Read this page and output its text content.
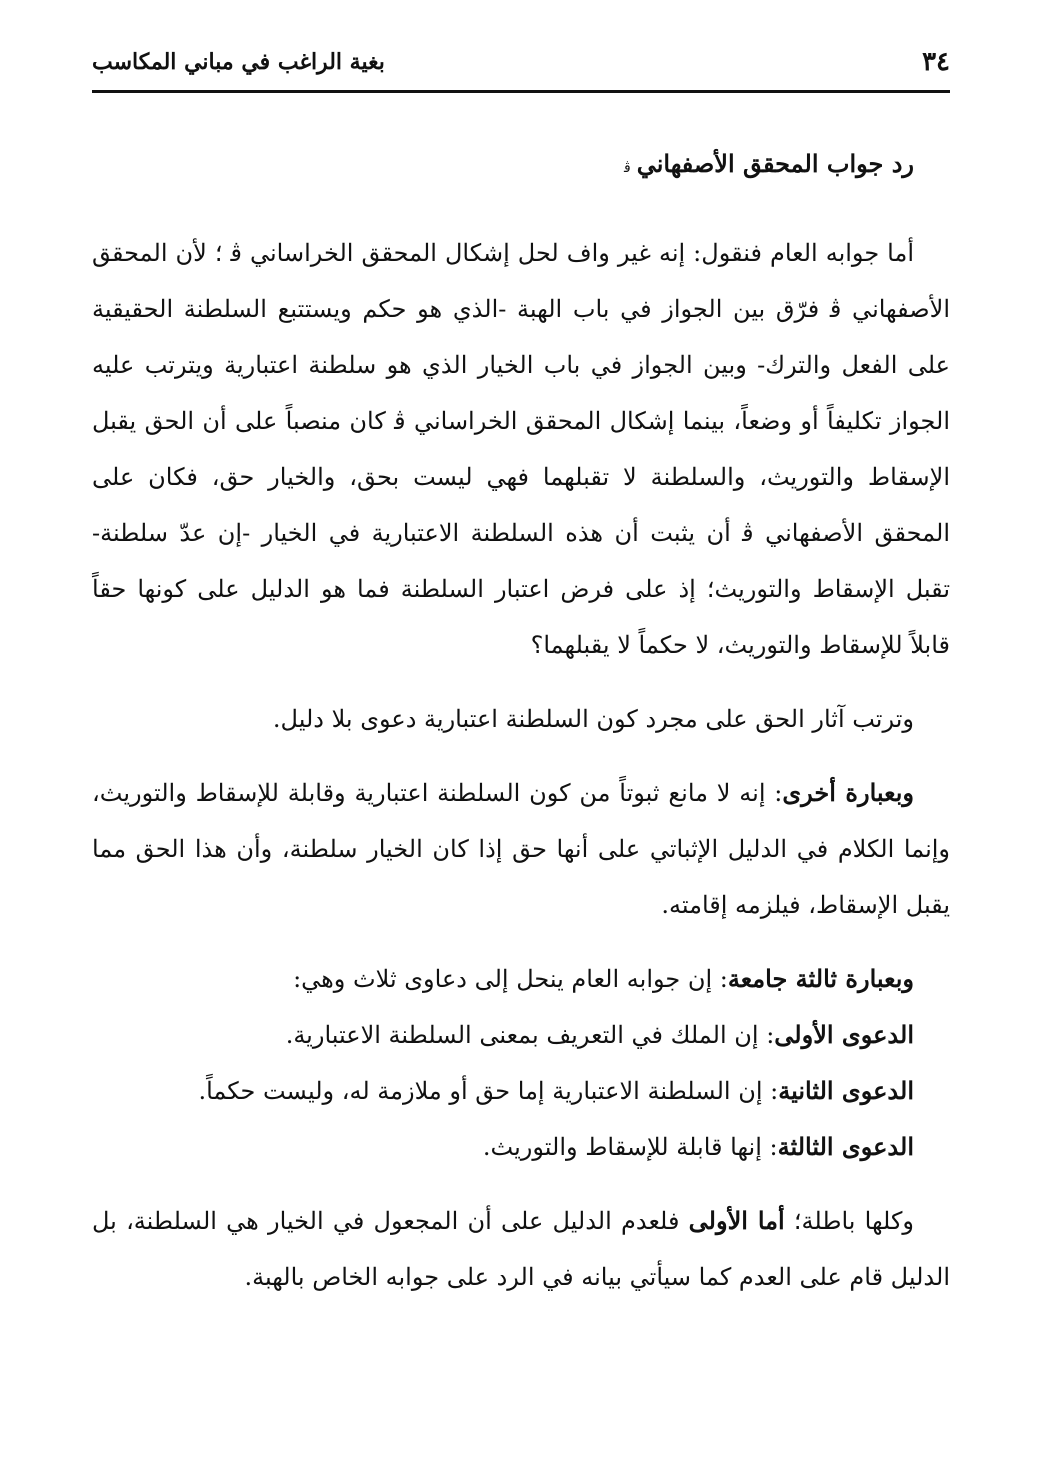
٣٤
بغية الراغب في مباني المكاسب
رد جواب المحقق الأصفهانيﭬ

أما جوابه العام فنقول: إنه غير واف لحل إشكال المحقق الخراساني ﭬ ؛ لأن المحقق الأصفهاني ﭬ فرّق بين الجواز في باب الهبة -الذي هو حكم ويستتبع السلطنة الحقيقية على الفعل والترك- وبين الجواز في باب الخيار الذي هو سلطنة اعتبارية ويترتب عليه الجواز تكليفاً أو وضعاً، بينما إشكال المحقق الخراساني ﭬ كان منصباً على أن الحق يقبل الإسقاط والتوريث، والسلطنة لا تقبلهما فهي ليست بحق، والخيار حق، فكان على المحقق الأصفهاني ﭬ أن يثبت أن هذه السلطنة الاعتبارية في الخيار -إن عدّ سلطنة- تقبل الإسقاط والتوريث؛ إذ على فرض اعتبار السلطنة فما هو الدليل على كونها حقاً قابلاً للإسقاط والتوريث، لا حكماً لا يقبلهما؟

وترتب آثار الحق على مجرد كون السلطنة اعتبارية دعوى بلا دليل.

وبعبارة أخرى: إنه لا مانع ثبوتاً من كون السلطنة اعتبارية وقابلة للإسقاط والتوريث، وإنما الكلام في الدليل الإثباتي على أنها حق إذا كان الخيار سلطنة، وأن هذا الحق مما يقبل الإسقاط، فيلزمه إقامته.

وبعبارة ثالثة جامعة: إن جوابه العام ينحل إلى دعاوى ثلاث وهي:
الدعوى الأولى: إن الملك في التعريف بمعنى السلطنة الاعتبارية.
الدعوى الثانية: إن السلطنة الاعتبارية إما حق أو ملازمة له، وليست حكماً.
الدعوى الثالثة: إنها قابلة للإسقاط والتوريث.

وكلها باطلة؛ أما الأولى فلعدم الدليل على أن المجعول في الخيار هي السلطنة، بل الدليل قام على العدم كما سيأتي بيانه في الرد على جوابه الخاص بالهبة.
